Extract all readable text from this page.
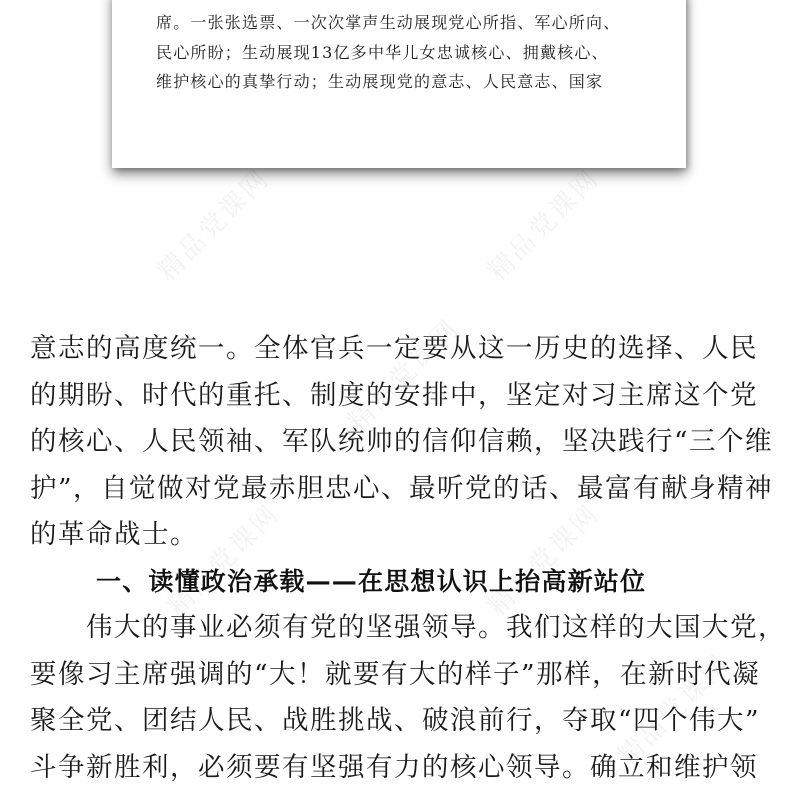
精品党课网	精品党课网
精品党课网
精品党课网	精品党课网
精品党课网
席。一张张选票、一次次掌声生动展现党心所指、军心所向、
民心所盼；生动展现13亿多中华儿女忠诚核心、拥戴核心、
维护核心的真挚行动；生动展现党的意志、人民意志、国家
意志的高度统一。全体官兵一定要从这一历史的选择、人民
的期盼、时代的重托、制度的安排中，坚定对习主席这个党
的核心、人民领袖、军队统帅的信仰信赖，坚决践行“三个维
护”，自觉做对党最赤胆忠心、最听党的话、最富有献身精神
的革命战士。
一、读懂政治承载——在思想认识上抬高新站位
　　伟大的事业必须有党的坚强领导。我们这样的大国大党，
要像习主席强调的“大！就要有大的样子”那样，在新时代凝
聚全党、团结人民、战胜挑战、破浪前行，夺取“四个伟大”
斗争新胜利，必须要有坚强有力的核心领导。确立和维护领
